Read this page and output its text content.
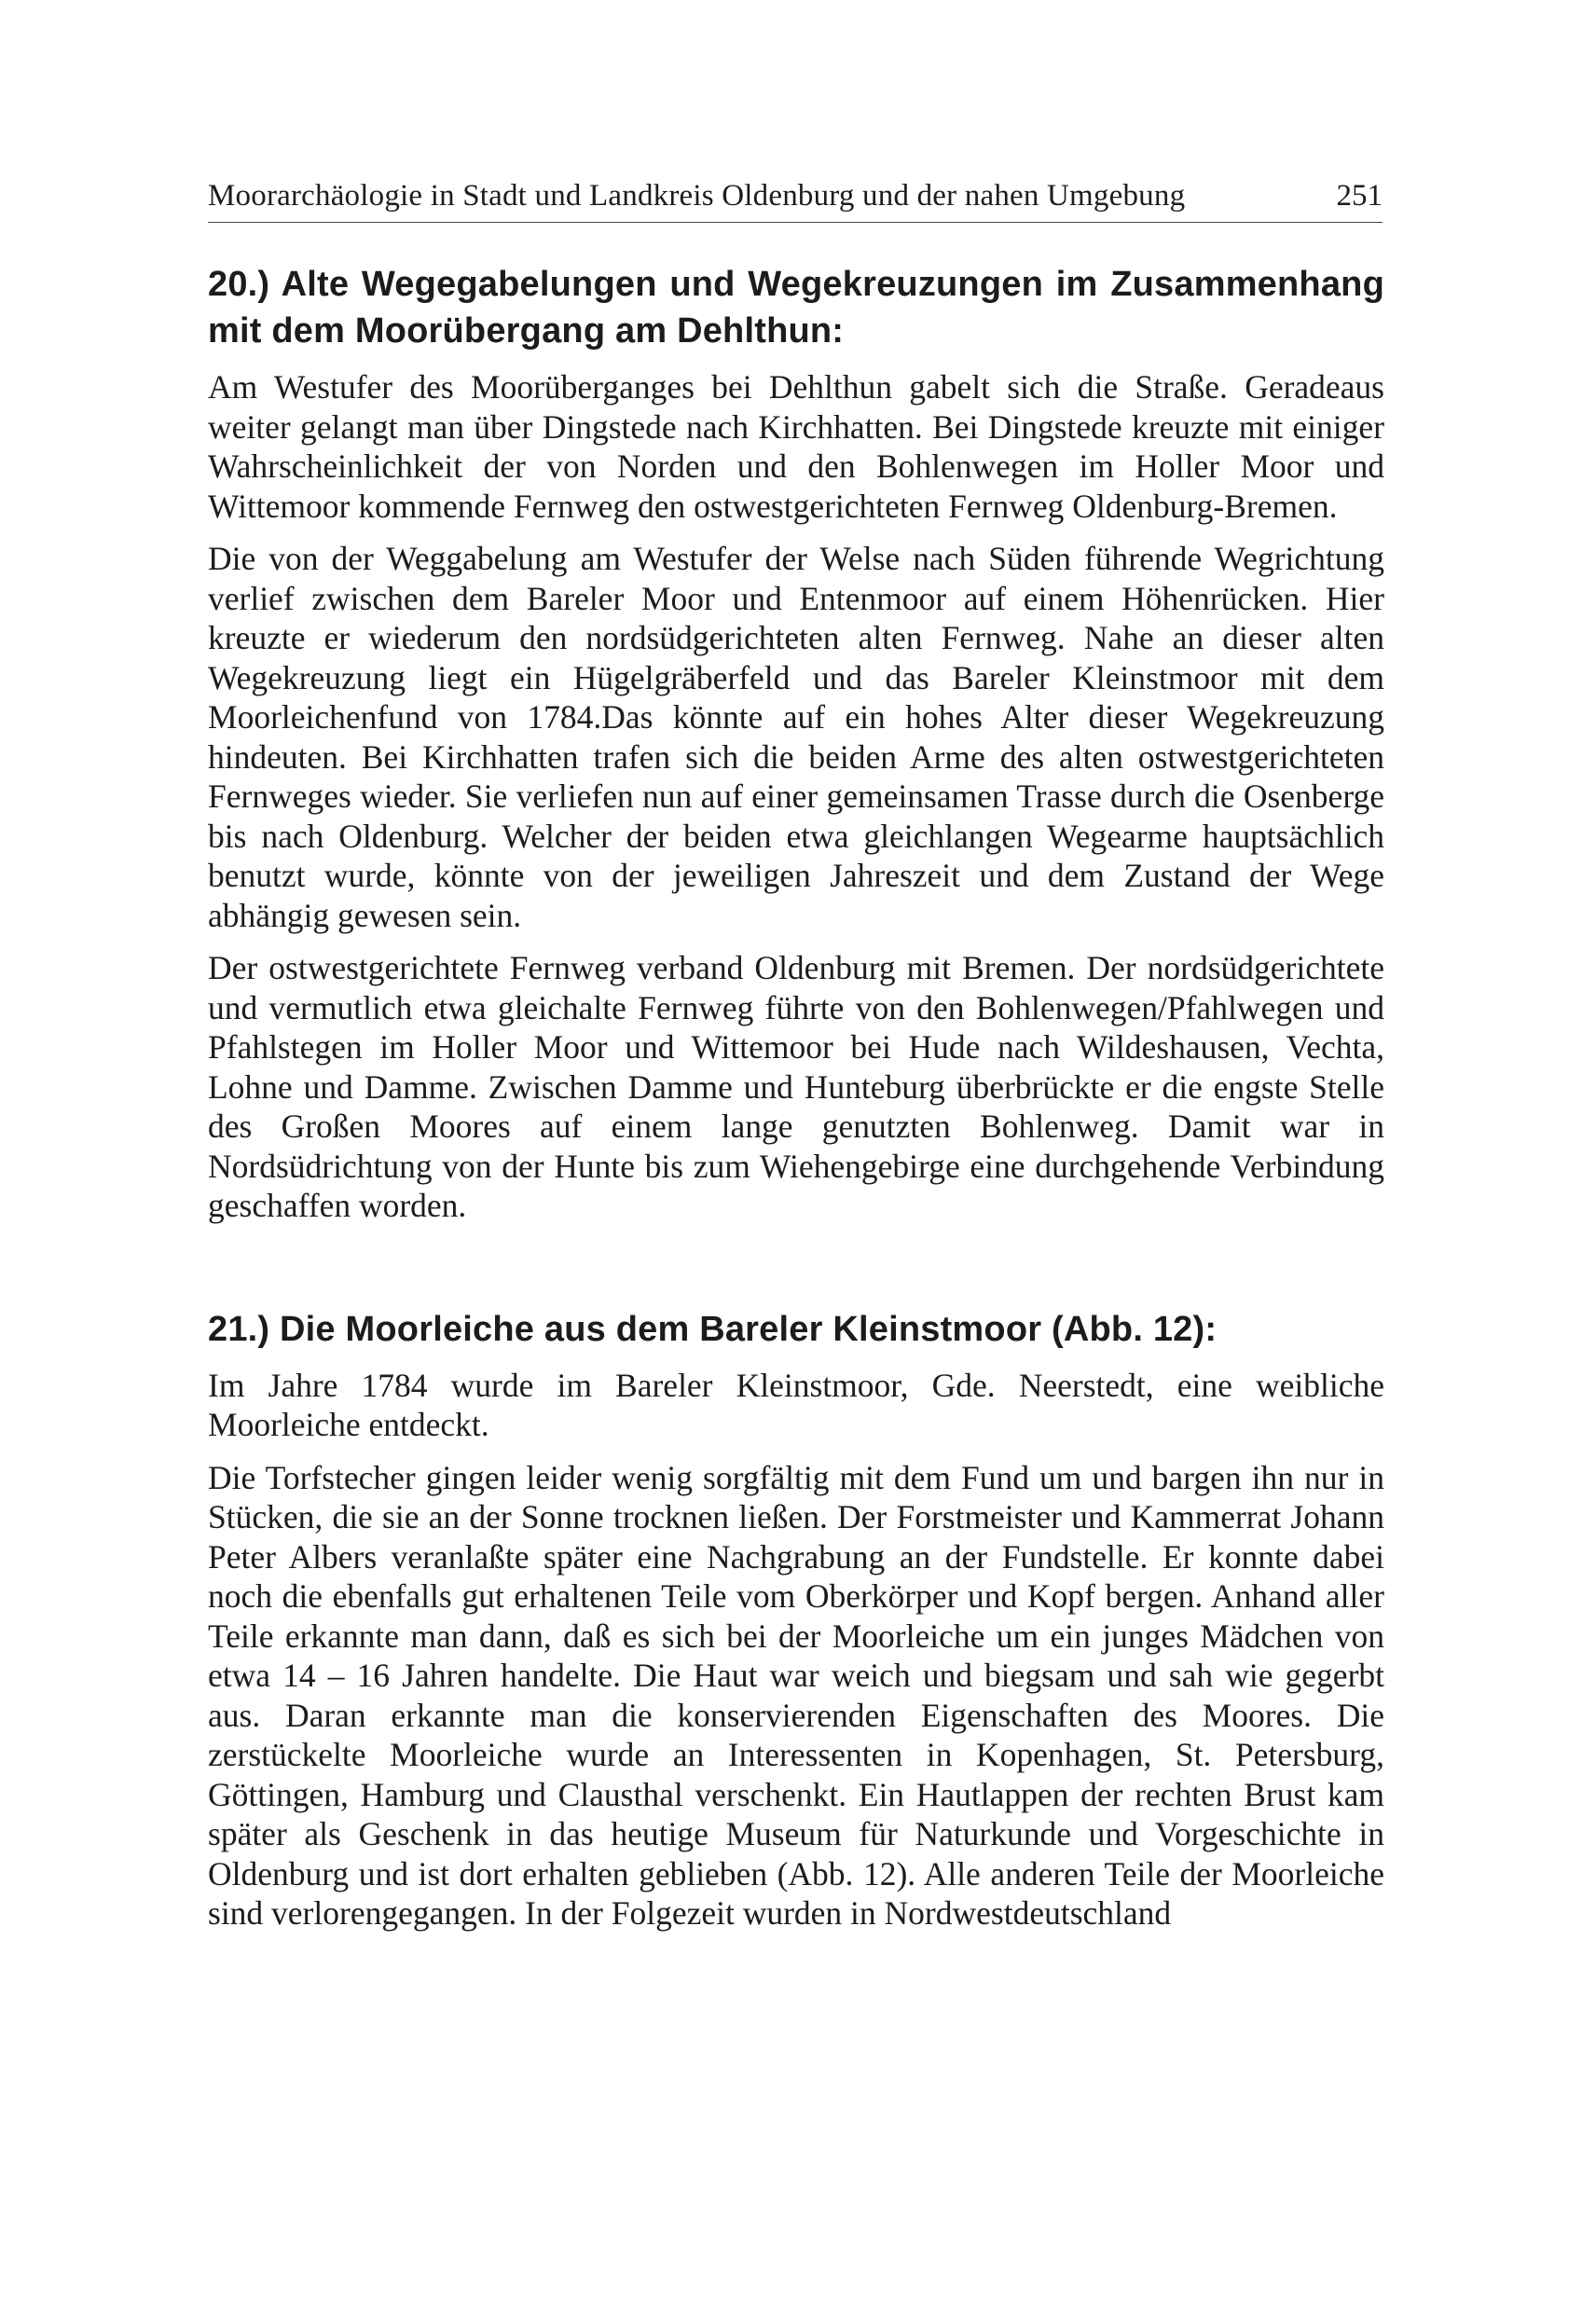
Moorarchäologie in Stadt und Landkreis Oldenburg und der nahen Umgebung	251
20.) Alte Wegegabelungen und Wegekreuzungen im Zusammenhang mit dem Moorübergang am Dehlthun:

Am Westufer des Moorüberganges bei Dehlthun gabelt sich die Straße. Geradeaus weiter gelangt man über Dingstede nach Kirchhatten. Bei Dingstede kreuzte mit einiger Wahrscheinlichkeit der von Norden und den Bohlenwegen im Holler Moor und Wittemoor kommende Fernweg den ostwestgerichteten Fernweg Oldenburg-Bremen.

Die von der Weggabelung am Westufer der Welse nach Süden führende Wegrichtung verlief zwischen dem Bareler Moor und Entenmoor auf einem Höhenrücken. Hier kreuzte er wiederum den nordsüdgerichteten alten Fernweg. Nahe an dieser alten Wegekreuzung liegt ein Hügelgräberfeld und das Bareler Kleinstmoor mit dem Moorleichenfund von 1784.Das könnte auf ein hohes Alter dieser Wegekreuzung hindeuten. Bei Kirchhatten trafen sich die beiden Arme des alten ostwestgerichteten Fernweges wieder. Sie verliefen nun auf einer gemeinsamen Trasse durch die Osenberge bis nach Oldenburg. Welcher der beiden etwa gleichlangen Wegearme hauptsächlich benutzt wurde, könnte von der jeweiligen Jahreszeit und dem Zustand der Wege abhängig gewesen sein.

Der ostwestgerichtete Fernweg verband Oldenburg mit Bremen. Der nordsüdgerichtete und vermutlich etwa gleichalte Fernweg führte von den Bohlenwegen/Pfahlwegen und Pfahlstegen im Holler Moor und Wittemoor bei Hude nach Wildeshausen, Vechta, Lohne und Damme. Zwischen Damme und Hunteburg überbrückte er die engste Stelle des Großen Moores auf einem lange genutzten Bohlenweg. Damit war in Nordsüdrichtung von der Hunte bis zum Wiehengebirge eine durchgehende Verbindung geschaffen worden.

21.) Die Moorleiche aus dem Bareler Kleinstmoor (Abb. 12):

Im Jahre 1784 wurde im Bareler Kleinstmoor, Gde. Neerstedt, eine weibliche Moorleiche entdeckt.

Die Torfstecher gingen leider wenig sorgfältig mit dem Fund um und bargen ihn nur in Stücken, die sie an der Sonne trocknen ließen. Der Forstmeister und Kammerrat Johann Peter Albers veranlaßte später eine Nachgrabung an der Fundstelle. Er konnte dabei noch die ebenfalls gut erhaltenen Teile vom Oberkörper und Kopf bergen. Anhand aller Teile erkannte man dann, daß es sich bei der Moorleiche um ein junges Mädchen von etwa 14 – 16 Jahren handelte. Die Haut war weich und biegsam und sah wie gegerbt aus. Daran erkannte man die konservierenden Eigenschaften des Moores. Die zerstückelte Moorleiche wurde an Interessenten in Kopenhagen, St. Petersburg, Göttingen, Hamburg und Clausthal verschenkt. Ein Hautlappen der rechten Brust kam später als Geschenk in das heutige Museum für Naturkunde und Vorgeschichte in Oldenburg und ist dort erhalten geblieben (Abb. 12). Alle anderen Teile der Moorleiche sind verlorengegangen. In der Folgezeit wurden in Nordwestdeutschland
